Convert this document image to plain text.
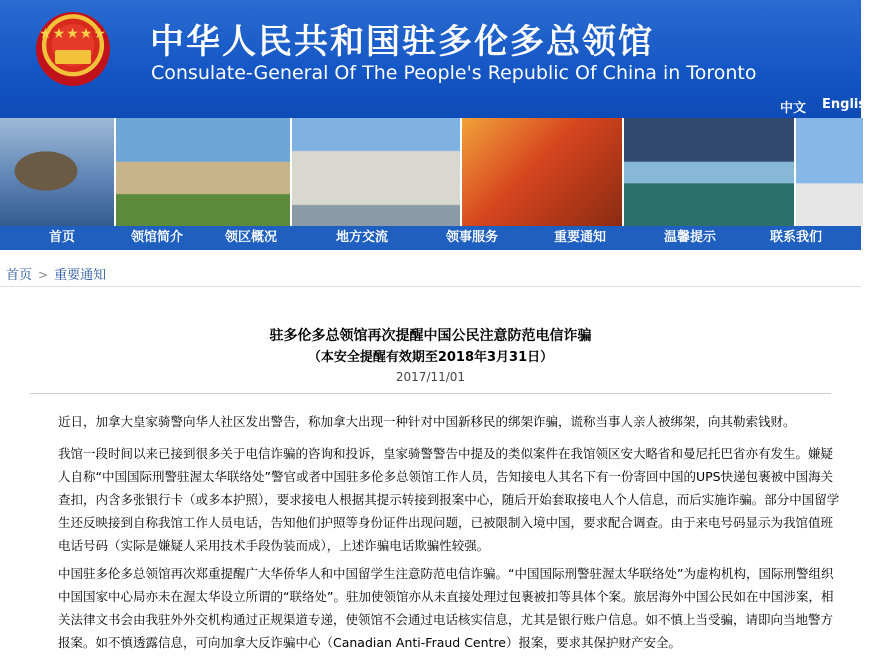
★★★★★ 中华人民共和国驻多伦多总领馆
Consulate-General Of The People's Republic Of China in Toronto
中文 English
首页	领馆简介	领区概况	地方交流	领事服务	重要通知	温馨提示	联系我们
首页 > 重要通知
驻多伦多总领馆再次提醒中国公民注意防范电信诈骗
（本安全提醒有效期至2018年3月31日）
2017/11/01
近日，加拿大皇家骑警向华人社区发出警告，称加拿大出现一种针对中国新移民的绑架诈骗，谎称当事人亲人被绑架，向其勒索钱财。
我馆一段时间以来已接到很多关于电信诈骗的咨询和投诉，皇家骑警警告中提及的类似案件在我馆领区安大略省和曼尼托巴省亦有发生。嫌疑人自称“中国国际刑警驻渥太华联络处”警官或者中国驻多伦多总领馆工作人员，告知接电人其名下有一份寄回中国的UPS快递包裹被中国海关查扣，内含多张银行卡（或多本护照），要求接电人根据其提示转接到报案中心，随后开始套取接电人个人信息，而后实施诈骗。部分中国留学生还反映接到自称我馆工作人员电话，告知他们护照等身份证件出现问题，已被限制入境中国，要求配合调查。由于来电号码显示为我馆值班电话号码（实际是嫌疑人采用技术手段伪装而成），上述诈骗电话欺骗性较强。
中国驻多伦多总领馆再次郑重提醒广大华侨华人和中国留学生注意防范电信诈骗。“中国国际刑警驻渥太华联络处”为虚构机构，国际刑警组织中国国家中心局亦未在渥太华设立所谓的“联络处”。驻加使领馆亦从未直接处理过包裹被扣等具体个案。旅居海外中国公民如在中国涉案，相关法律文书会由我驻外外交机构通过正规渠道专递，使领馆不会通过电话核实信息，尤其是银行账户信息。如不慎上当受骗，请即向当地警方报案。如不慎透露信息，可向加拿大反诈骗中心（Canadian Anti-Fraud Centre）报案，要求其保护财产安全。
